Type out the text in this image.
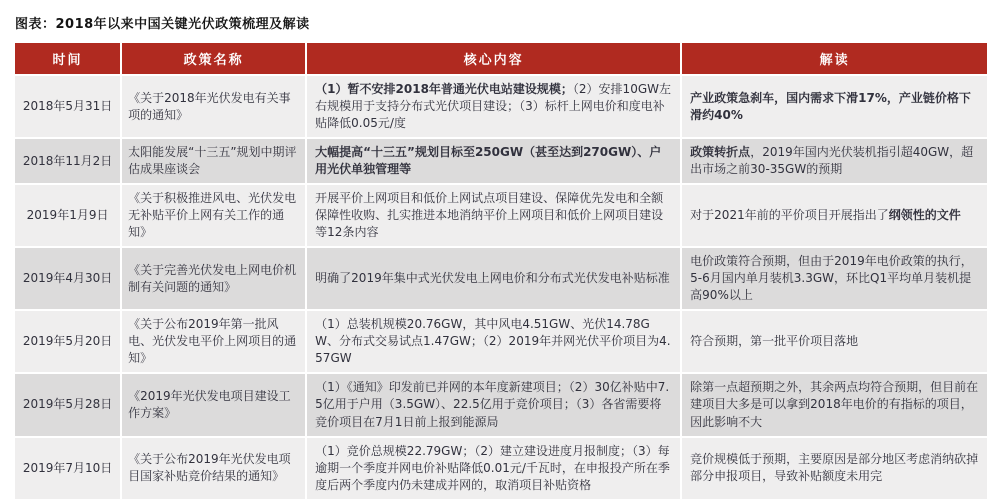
图表：2018年以来中国关键光伏政策梳理及解读
时间	政策名称	核心内容	解读
2018年5月31日	《关于2018年光伏发电有关事项的通知》	（1）暂不安排2018年普通光伏电站建设规模；（2）安排10GW左右规模用于支持分布式光伏项目建设；（3）标杆上网电价和度电补贴降低0.05元/度	产业政策急刹车，国内需求下滑17%，产业链价格下滑约40%
2018年11月2日	太阳能发展“十三五”规划中期评估成果座谈会	大幅提高“十三五”规划目标至250GW（甚至达到270GW）、户用光伏单独管理等	政策转折点，2019年国内光伏装机指引超40GW，超出市场之前30-35GW的预期
2019年1月9日	《关于积极推进风电、光伏发电无补贴平价上网有关工作的通知》	开展平价上网项目和低价上网试点项目建设、保障优先发电和全额保障性收购、扎实推进本地消纳平价上网项目和低价上网项目建设等12条内容	对于2021年前的平价项目开展指出了纲领性的文件
2019年4月30日	《关于完善光伏发电上网电价机制有关问题的通知》	明确了2019年集中式光伏发电上网电价和分布式光伏发电补贴标准	电价政策符合预期，但由于2019年电价政策的执行，5-6月国内单月装机3.3GW，环比Q1平均单月装机提高90%以上
2019年5月20日	《关于公布2019年第一批风电、光伏发电平价上网项目的通知》	（1）总装机规模20.76GW，其中风电4.51GW、光伏14.78GW、分布式交易试点1.47GW；（2）2019年并网光伏平价项目为4.57GW	符合预期，第一批平价项目落地
2019年5月28日	《2019年光伏发电项目建设工作方案》	（1）《通知》印发前已并网的本年度新建项目；（2）30亿补贴中7.5亿用于户用（3.5GW）、22.5亿用于竞价项目；（3）各省需要将竞价项目在7月1日前上报到能源局	除第一点超预期之外，其余两点均符合预期，但目前在建项目大多是可以拿到2018年电价的有指标的项目，因此影响不大
2019年7月10日	《关于公布2019年光伏发电项目国家补贴竞价结果的通知》	（1）竞价总规模22.79GW；（2）建立建设进度月报制度；（3）每逾期一个季度并网电价补贴降低0.01元/千瓦时，在申报投产所在季度后两个季度内仍未建成并网的，取消项目补贴资格	竞价规模低于预期，主要原因是部分地区考虑消纳砍掉部分申报项目，导致补贴额度未用完
